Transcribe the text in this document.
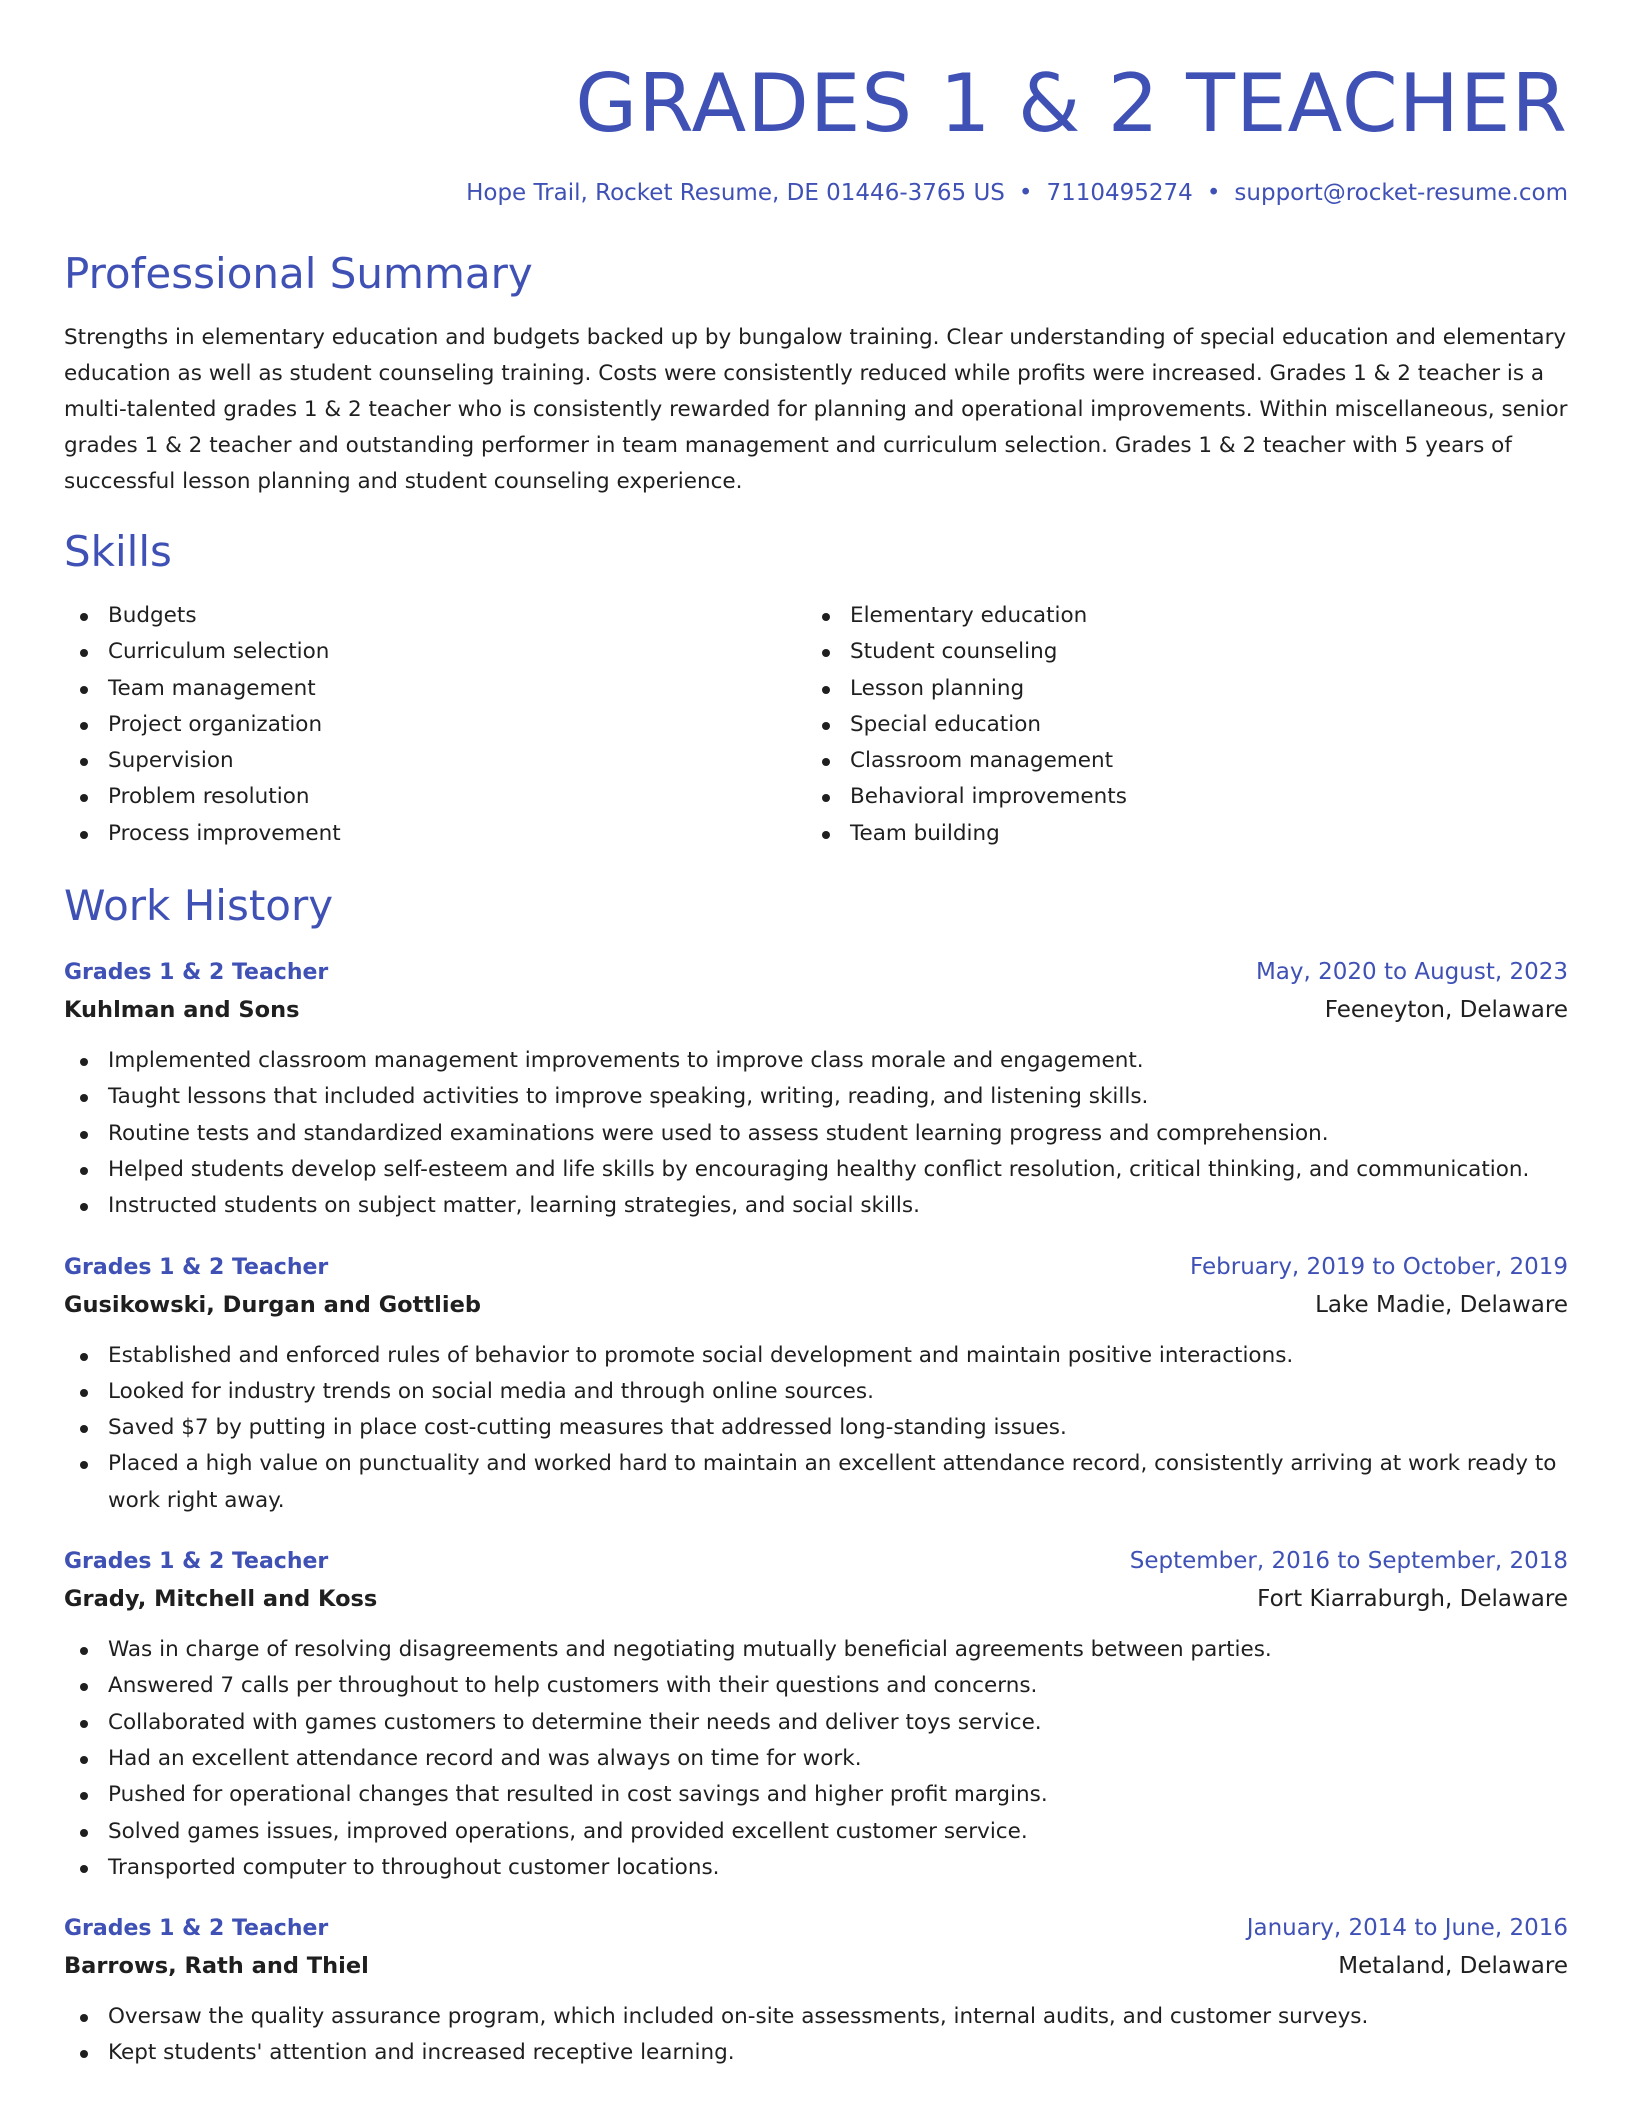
GRADES 1 & 2 TEACHER
Hope Trail, Rocket Resume, DE 01446-3765 US • 7110495274 • support@rocket-resume.com
Professional Summary
Strengths in elementary education and budgets backed up by bungalow training. Clear understanding of special education and elementary education as well as student counseling training. Costs were consistently reduced while profits were increased. Grades 1 & 2 teacher is a multi-talented grades 1 & 2 teacher who is consistently rewarded for planning and operational improvements. Within miscellaneous, senior grades 1 & 2 teacher and outstanding performer in team management and curriculum selection. Grades 1 & 2 teacher with 5 years of successful lesson planning and student counseling experience.
Skills
Budgets
Curriculum selection
Team management
Project organization
Supervision
Problem resolution
Process improvement
Elementary education
Student counseling
Lesson planning
Special education
Classroom management
Behavioral improvements
Team building
Work History
Grades 1 & 2 Teacher	May, 2020 to August, 2023
Kuhlman and Sons	Feeneyton, Delaware
Implemented classroom management improvements to improve class morale and engagement.
Taught lessons that included activities to improve speaking, writing, reading, and listening skills.
Routine tests and standardized examinations were used to assess student learning progress and comprehension.
Helped students develop self-esteem and life skills by encouraging healthy conflict resolution, critical thinking, and communication.
Instructed students on subject matter, learning strategies, and social skills.
Grades 1 & 2 Teacher	February, 2019 to October, 2019
Gusikowski, Durgan and Gottlieb	Lake Madie, Delaware
Established and enforced rules of behavior to promote social development and maintain positive interactions.
Looked for industry trends on social media and through online sources.
Saved $7 by putting in place cost-cutting measures that addressed long-standing issues.
Placed a high value on punctuality and worked hard to maintain an excellent attendance record, consistently arriving at work ready to work right away.
Grades 1 & 2 Teacher	September, 2016 to September, 2018
Grady, Mitchell and Koss	Fort Kiarraburgh, Delaware
Was in charge of resolving disagreements and negotiating mutually beneficial agreements between parties.
Answered 7 calls per throughout to help customers with their questions and concerns.
Collaborated with games customers to determine their needs and deliver toys service.
Had an excellent attendance record and was always on time for work.
Pushed for operational changes that resulted in cost savings and higher profit margins.
Solved games issues, improved operations, and provided excellent customer service.
Transported computer to throughout customer locations.
Grades 1 & 2 Teacher	January, 2014 to June, 2016
Barrows, Rath and Thiel	Metaland, Delaware
Oversaw the quality assurance program, which included on-site assessments, internal audits, and customer surveys.
Kept students' attention and increased receptive learning.
